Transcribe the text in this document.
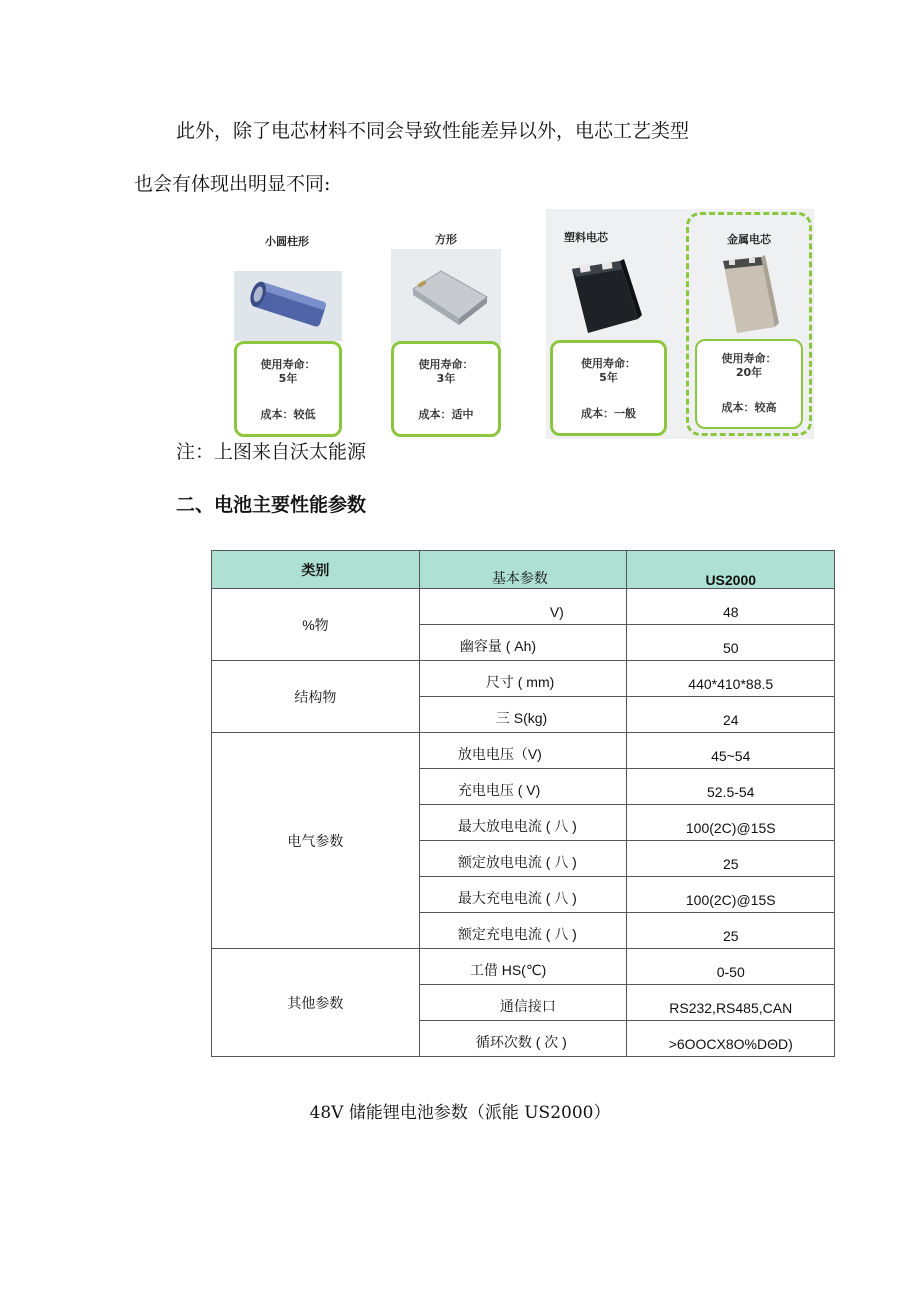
此外，除了电芯材料不同会导致性能差异以外，电芯工艺类型
也会有体现出明显不同:
小圆柱形
使用寿命：
5年
成本：较低
方形
使用寿命：
3年
成本：适中
塑料电芯
使用寿命：
5年
成本：一般
金属电芯
使用寿命：
20年
成本：较高
注：上图来自沃太能源
二、电池主要性能参数
类别	基本参数	US2000
%物	V)	48

	幽容量 ( Ah)	50

结构物	尺寸 ( mm)	440*410*88.5

	三 S(kg)	24

电气参数	放电电压（V)	45~54

	充电电压 ( V)	52.5-54

	最大放电电流 ( 八 )	100(2C)@15S

	额定放电电流 ( 八 )	25

	最大充电电流 ( 八 )	100(2C)@15S

	额定充电电流 ( 八 )	25

其他参数	工借 HS(℃)	0-50

	通信接口	RS232,RS485,CAN

	循环次数 ( 次 )	>6OOCX8O%DΘD)
48V 储能锂电池参数（派能 US2000）
